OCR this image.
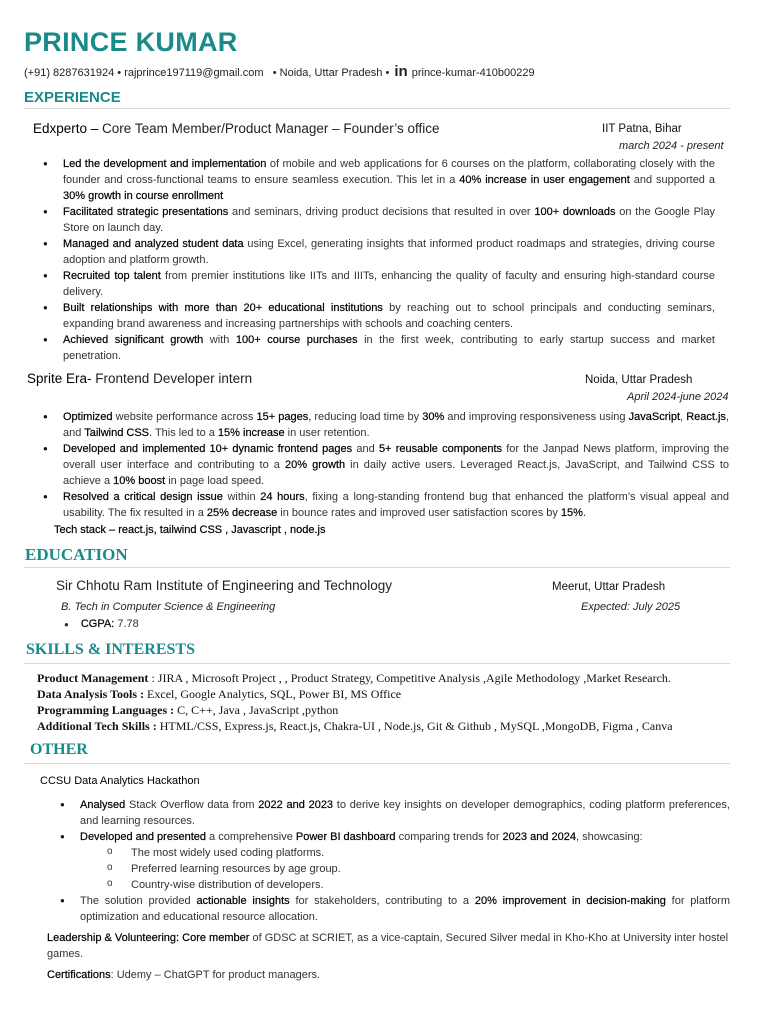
PRINCE KUMAR
(+91) 8287631924 • rajprince197119@gmail.com   • Noida, Uttar Pradesh • in prince-kumar-410b00229
EXPERIENCE
Edxperto – Core Team Member/Product Manager – Founder’s office	IIT Patna, Bihar
march 2024 - present
● Led the development and implementation of mobile and web applications for 6 courses on the platform, collaborating closely with the founder and cross-functional teams to ensure seamless execution. This let in a 40% increase in user engagement and supported a 30% growth in course enrollment
● Facilitated strategic presentations and seminars, driving product decisions that resulted in over 100+ downloads on the Google Play Store on launch day.
● Managed and analyzed student data using Excel, generating insights that informed product roadmaps and strategies, driving course adoption and platform growth.
● Recruited top talent from premier institutions like IITs and IIITs, enhancing the quality of faculty and ensuring high-standard course delivery.
● Built relationships with more than 20+ educational institutions by reaching out to school principals and conducting seminars, expanding brand awareness and increasing partnerships with schools and coaching centers.
● Achieved significant growth with 100+ course purchases in the first week, contributing to early startup success and market penetration.
Sprite Era- Frontend Developer intern	Noida, Uttar Pradesh
April 2024-june 2024
● Optimized website performance across 15+ pages, reducing load time by 30% and improving responsiveness using JavaScript, React.js, and Tailwind CSS. This led to a 15% increase in user retention.
● Developed and implemented 10+ dynamic frontend pages and 5+ reusable components for the Janpad News platform, improving the overall user interface and contributing to a 20% growth in daily active users. Leveraged React.js, JavaScript, and Tailwind CSS to achieve a 10% boost in page load speed.
● Resolved a critical design issue within 24 hours, fixing a long-standing frontend bug that enhanced the platform’s visual appeal and usability. The fix resulted in a 25% decrease in bounce rates and improved user satisfaction scores by 15%.
Tech stack – react.js, tailwind CSS , Javascript , node.js
EDUCATION
Sir Chhotu Ram Institute of Engineering and Technology	Meerut, Uttar Pradesh
B. Tech in Computer Science & Engineering	Expected: July 2025
● CGPA: 7.78
SKILLS & INTERESTS
Product Management : JIRA , Microsoft Project , , Product Strategy, Competitive Analysis ,Agile Methodology ,Market Research.
Data Analysis Tools : Excel, Google Analytics, SQL, Power BI, MS Office
Programming Languages : C, C++, Java , JavaScript ,python
Additional Tech Skills : HTML/CSS, Express.js, React.js, Chakra-UI , Node.js, Git & Github , MySQL ,MongoDB, Figma , Canva
OTHER
CCSU Data Analytics Hackathon
● Analysed Stack Overflow data from 2022 and 2023 to derive key insights on developer demographics, coding platform preferences, and learning resources.
● Developed and presented a comprehensive Power BI dashboard comparing trends for 2023 and 2024, showcasing:
o The most widely used coding platforms.
o Preferred learning resources by age group.
o Country-wise distribution of developers.
● The solution provided actionable insights for stakeholders, contributing to a 20% improvement in decision-making for platform optimization and educational resource allocation.
Leadership & Volunteering: Core member of GDSC at SCRIET, as a vice-captain, Secured Silver medal in Kho-Kho at University inter hostel games.
Certifications: Udemy – ChatGPT for product managers.
